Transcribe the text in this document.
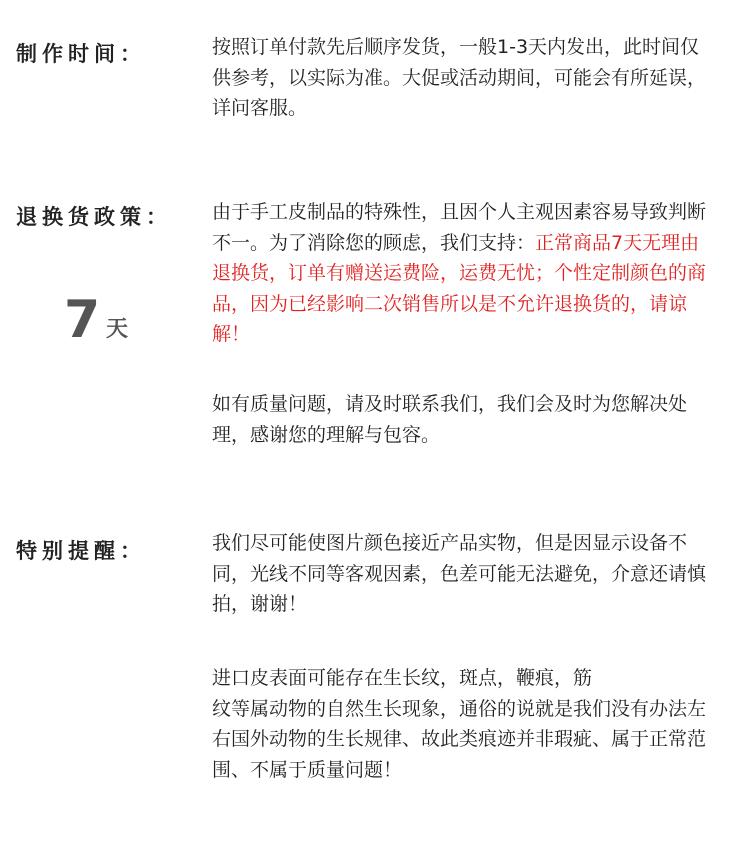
制作时间：	按照订单付款先后顺序发货，一般1-3天内发出，此时间仅供参考，以实际为准。大促或活动期间，可能会有所延误，详问客服。
退换货政策：
7 天

由于手工皮制品的特殊性，且因个人主观因素容易导致判断不一。为了消除您的顾虑，我们支持：正常商品7天无理由退换货，订单有赠送运费险，运费无忧；个性定制颜色的商品，因为已经影响二次销售所以是不允许退换货的，请谅解！

如有质量问题，请及时联系我们，我们会及时为您解决处理，感谢您的理解与包容。
特别提醒：	我们尽可能使图片颜色接近产品实物，但是因显示设备不同，光线不同等客观因素，色差可能无法避免，介意还请慎拍，谢谢！

进口皮表面可能存在生长纹，斑点，鞭痕，筋

纹等属动物的自然生长现象，通俗的说就是我们没有办法左右国外动物的生长规律、故此类痕迹并非瑕疵、属于正常范围、不属于质量问题！
